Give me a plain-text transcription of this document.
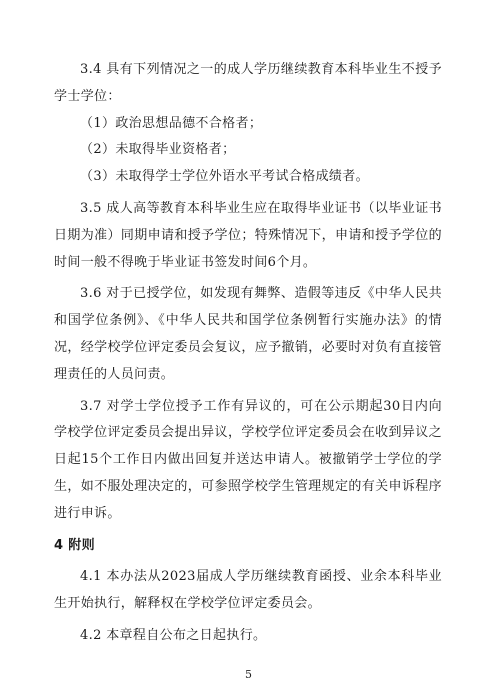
3.4 具有下列情况之一的成人学历继续教育本科毕业生不授予学士学位：

（1）政治思想品德不合格者；

（2）未取得毕业资格者；

（3）未取得学士学位外语水平考试合格成绩者。

3.5 成人高等教育本科毕业生应在取得毕业证书（以毕业证书日期为准）同期申请和授予学位；特殊情况下，申请和授予学位的时间一般不得晚于毕业证书签发时间6个月。

3.6 对于已授学位，如发现有舞弊、造假等违反《中华人民共和国学位条例》、《中华人民共和国学位条例暂行实施办法》的情况，经学校学位评定委员会复议，应予撤销，必要时对负有直接管理责任的人员问责。

3.7 对学士学位授予工作有异议的，可在公示期起30日内向学校学位评定委员会提出异议，学校学位评定委员会在收到异议之日起15个工作日内做出回复并送达申请人。被撤销学士学位的学生，如不服处理决定的，可参照学校学生管理规定的有关申诉程序进行申诉。

4 附则

4.1 本办法从2023届成人学历继续教育函授、业余本科毕业生开始执行，解释权在学校学位评定委员会。

4.2 本章程自公布之日起执行。

5
